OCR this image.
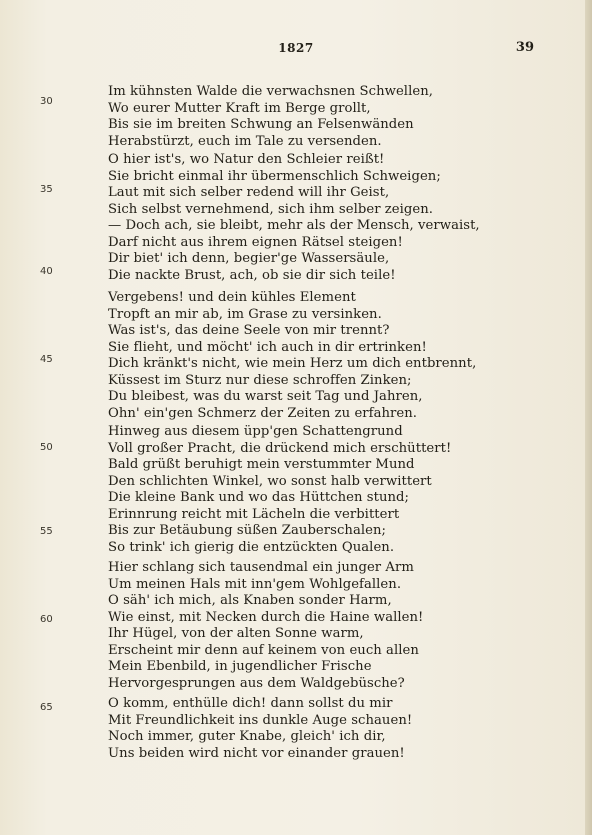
1827	39
Im kühnsten Walde die verwachsnen Schwellen,
Wo eurer Mutter Kraft im Berge grollt,
Bis sie im breiten Schwung an Felsenwänden
Herabstürzt, euch im Tale zu versenden.
O hier ist's, wo Natur den Schleier reißt!
Sie bricht einmal ihr übermenschlich Schweigen;
Laut mit sich selber redend will ihr Geist,
Sich selbst vernehmend, sich ihm selber zeigen.
— Doch ach, sie bleibt, mehr als der Mensch, verwaist,
Darf nicht aus ihrem eignen Rätsel steigen!
Dir biet' ich denn, begier'ge Wassersäule,
Die nackte Brust, ach, ob sie dir sich teile!
Vergebens! und dein kühles Element
Tropft an mir ab, im Grase zu versinken.
Was ist's, das deine Seele von mir trennt?
Sie flieht, und möcht' ich auch in dir ertrinken!
Dich kränkt's nicht, wie mein Herz um dich entbrennt,
Küssest im Sturz nur diese schroffen Zinken;
Du bleibest, was du warst seit Tag und Jahren,
Ohn' ein'gen Schmerz der Zeiten zu erfahren.
Hinweg aus diesem üpp'gen Schattengrund
Voll großer Pracht, die drückend mich erschüttert!
Bald grüßt beruhigt mein verstummter Mund
Den schlichten Winkel, wo sonst halb verwittert
Die kleine Bank und wo das Hüttchen stund;
Erinnrung reicht mit Lächeln die verbittert
Bis zur Betäubung süßen Zauberschalen;
So trink' ich gierig die entzückten Qualen.
Hier schlang sich tausendmal ein junger Arm
Um meinen Hals mit inn'gem Wohlgefallen.
O säh' ich mich, als Knaben sonder Harm,
Wie einst, mit Necken durch die Haine wallen!
Ihr Hügel, von der alten Sonne warm,
Erscheint mir denn auf keinem von euch allen
Mein Ebenbild, in jugendlicher Frische
Hervorgesprungen aus dem Waldgebüsche?
O komm, enthülle dich! dann sollst du mir
Mit Freundlichkeit ins dunkle Auge schauen!
Noch immer, guter Knabe, gleich' ich dir,
Uns beiden wird nicht vor einander grauen!
30
35
40
45
50
55
60
65
